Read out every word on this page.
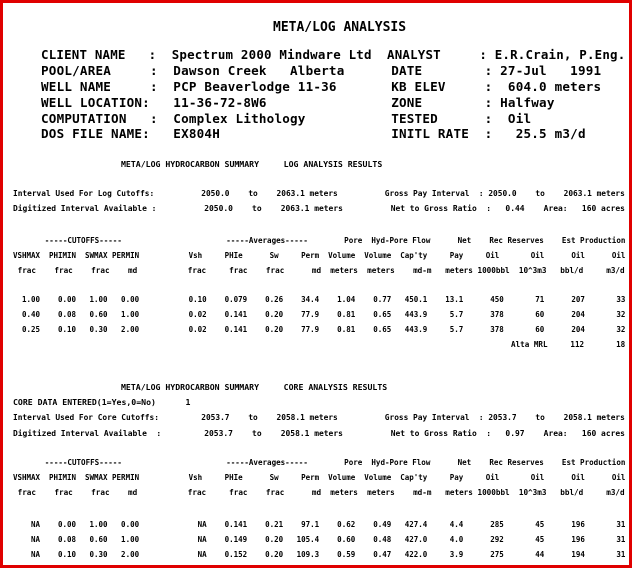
META/LOG ANALYSIS
CLIENT NAME   :  Spectrum 2000 Mindware Ltd  ANALYST     : E.R.Crain, P.Eng.
POOL/AREA     :  Dawson Creek   Alberta      DATE        : 27-Jul   1991
WELL NAME     :  PCP Beaverlodge 11-36       KB ELEV     :  604.0 meters
WELL LOCATION:   11-36-72-8W6                ZONE        : Halfway
COMPUTATION   :  Complex Lithology           TESTED      :  Oil
DOS FILE NAME:   EX804H                      INITL RATE  :   25.5 m3/d
META/LOG HYDROCARBON SUMMARY     LOG ANALYSIS RESULTS
Interval Used For Log Cutoffs:          2050.0    to    2063.1 meters          Gross Pay Interval  : 2050.0    to    2063.1 meters
Digitized Interval Available :          2050.0    to    2063.1 meters          Net to Gross Ratio  :   0.44    Area:   160 acres
-----CUTOFFS-----                       -----Averages-----        Pore  Hyd-Pore Flow      Net    Rec Reserves    Est Production
VSHMAX  PHIMIN  SWMAX PERMIN           Vsh     PHIe      Sw     Perm  Volume  Volume  Cap'ty     Pay     Oil       Oil      Oil      Oil
frac    frac    frac    md           frac     frac    frac      md  meters  meters    md-m   meters 1000bbl  10^3m3   bbl/d     m3/d
1.00    0.00   1.00   0.00           0.10    0.079    0.26    34.4    1.04    0.77   450.1    13.1      450       71      207       33
0.40    0.08   0.60   1.00           0.02    0.141    0.20    77.9    0.81    0.65   443.9     5.7      378       60      204       32
0.25    0.10   0.30   2.00           0.02    0.141    0.20    77.9    0.81    0.65   443.9     5.7      378       60      204       32
Alta MRL     112       18
META/LOG HYDROCARBON SUMMARY     CORE ANALYSIS RESULTS
CORE DATA ENTERED(1=Yes,0=No)      1
Interval Used For Core Cutoffs:         2053.7    to    2058.1 meters          Gross Pay Interval  : 2053.7    to    2058.1 meters
Digitized Interval Available  :         2053.7    to    2058.1 meters          Net to Gross Ratio  :   0.97    Area:   160 acres
-----CUTOFFS-----                       -----Averages-----        Pore  Hyd-Pore Flow      Net    Rec Reserves    Est Production
VSHMAX  PHIMIN  SWMAX PERMIN           Vsh     PHIe      Sw     Perm  Volume  Volume  Cap'ty     Pay     Oil       Oil      Oil      Oil
frac    frac    frac    md           frac     frac    frac      md  meters  meters    md-m   meters 1000bbl  10^3m3   bbl/d     m3/d
NA    0.00   1.00   0.00             NA    0.141    0.21    97.1    0.62    0.49   427.4     4.4      285       45      196       31
NA    0.08   0.60   1.00             NA    0.149    0.20   105.4    0.60    0.48   427.0     4.0      292       45      196       31
NA    0.10   0.30   2.00             NA    0.152    0.20   109.3    0.59    0.47   422.0     3.9      275       44      194       31
